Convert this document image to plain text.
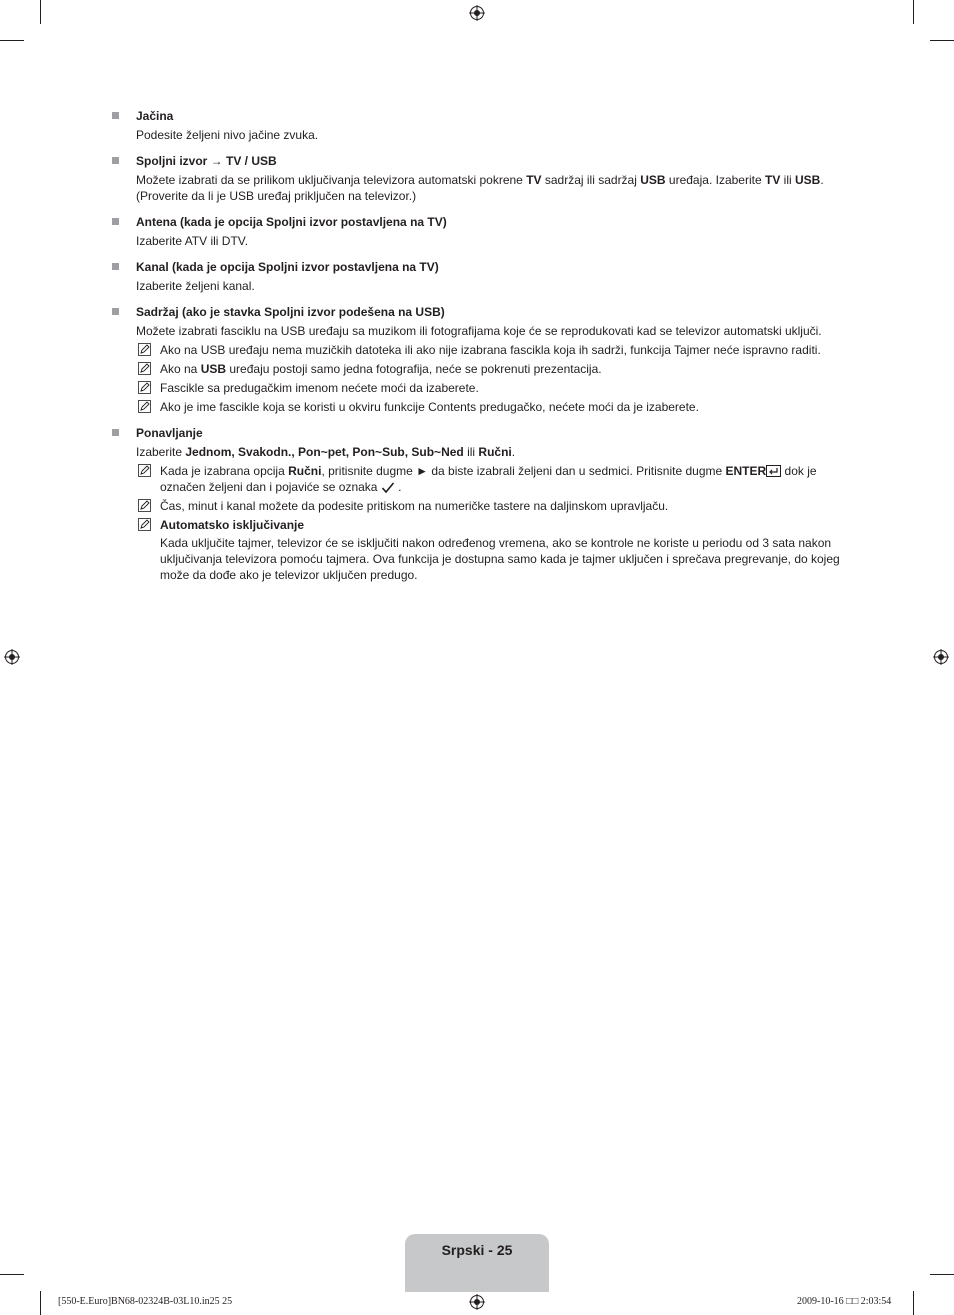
Jačina

Podesite željeni nivo jačine zvuka.

Spoljni izvor → TV / USB

Možete izabrati da se prilikom uključivanja televizora automatski pokrene TV sadržaj ili sadržaj USB uređaja. Izaberite TV ili USB. (Proverite da li je USB uređaj priključen na televizor.)

Antena (kada je opcija Spoljni izvor postavljena na TV)

Izaberite ATV ili DTV.

Kanal (kada je opcija Spoljni izvor postavljena na TV)

Izaberite željeni kanal.

Sadržaj (ako je stavka Spoljni izvor podešena na USB)

Možete izabrati fasciklu na USB uređaju sa muzikom ili fotografijama koje će se reprodukovati kad se televizor automatski uključi.

Ako na USB uređaju nema muzičkih datoteka ili ako nije izabrana fascikla koja ih sadrži, funkcija Tajmer neće ispravno raditi.
Ako na USB uređaju postoji samo jedna fotografija, neće se pokrenuti prezentacija.
Fascikle sa predugačkim imenom nećete moći da izaberete.
Ako je ime fascikle koja se koristi u okviru funkcije Contents predugačko, nećete moći da je izaberete.
Ponavljanje

Izaberite Jednom, Svakodn., Pon~pet, Pon~Sub, Sub~Ned ili Ručni.

Kada je izabrana opcija Ručni, pritisnite dugme ► da biste izabrali željeni dan u sedmici. Pritisnite dugme ENTER dok je označen željeni dan i pojaviće se oznaka  .
Čas, minut i kanal možete da podesite pritiskom na numeričke tastere na daljinskom upravljaču.
Automatsko isključivanje
Kada uključite tajmer, televizor će se isključiti nakon određenog vremena, ako se kontrole ne koriste u periodu od 3 sata nakon uključivanja televizora pomoću tajmera. Ova funkcija je dostupna samo kada je tajmer uključen i sprečava pregrevanje, do kojeg može da dođe ako je televizor uključen predugo.
Srpski - 25
[550-E.Euro]BN68-02324B-03L10.in25 25	2009-10-16 □□ 2:03:54
